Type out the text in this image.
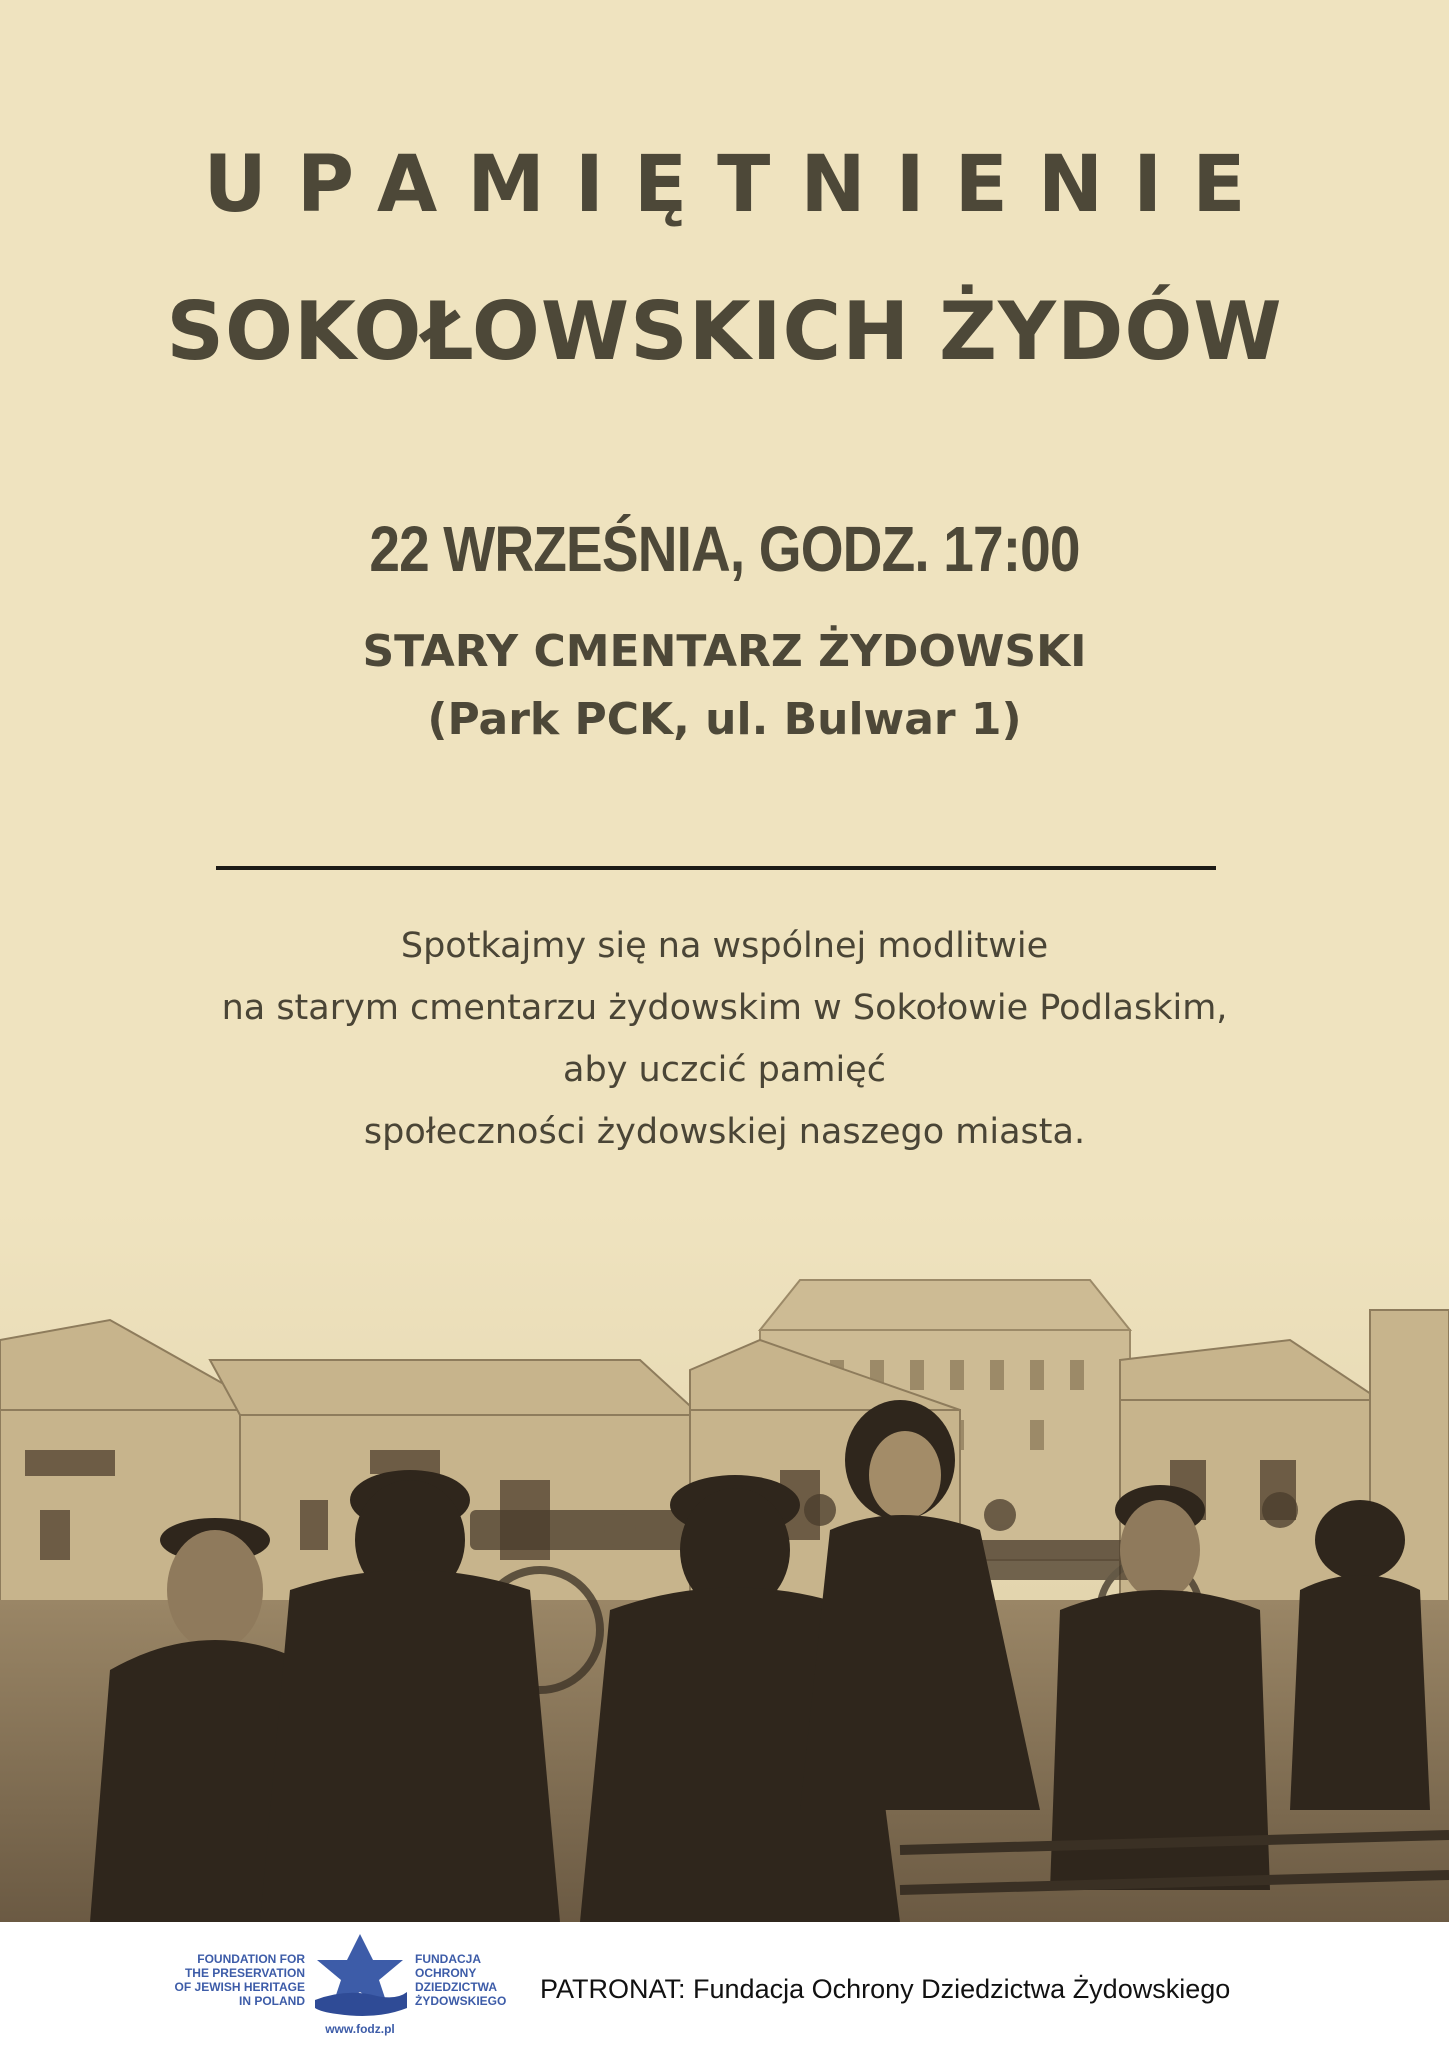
UPAMIĘTNIENIE
SOKOŁOWSKICH ŻYDÓW
22 WRZEŚNIA, GODZ. 17:00
STARY CMENTARZ ŻYDOWSKI
(Park PCK, ul. Bulwar 1)
Spotkajmy się na wspólnej modlitwie
na starym cmentarzu żydowskim w Sokołowie Podlaskim,
aby uczcić pamięć
społeczności żydowskiej naszego miasta.
FOUNDATION FOR
THE PRESERVATION
OF JEWISH HERITAGE
IN POLAND
FUNDACJA
OCHRONY
DZIEDZICTWA
ŻYDOWSKIEGO
www.fodz.pl
PATRONAT: Fundacja Ochrony Dziedzictwa Żydowskiego
